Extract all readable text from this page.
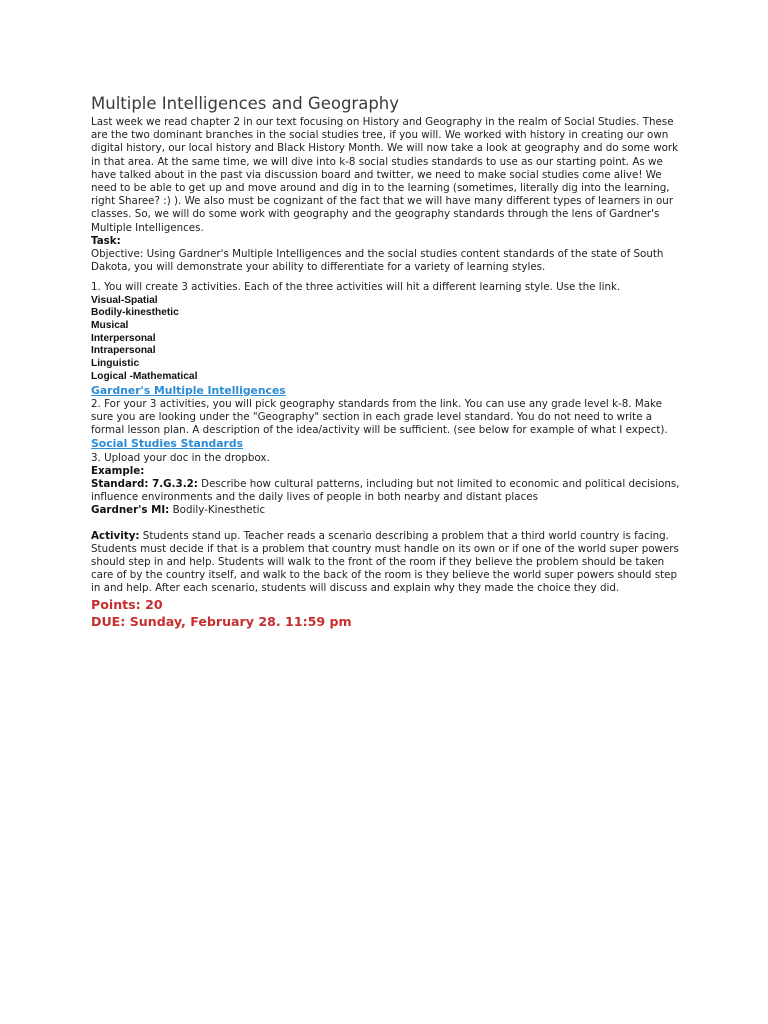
Multiple Intelligences and Geography

Last week we read chapter 2 in our text focusing on History and Geography in the realm of Social Studies. These are the two dominant branches in the social studies tree, if you will. We worked with history in creating our own digital history, our local history and Black History Month. We will now take a look at geography and do some work in that area. At the same time, we will dive into k-8 social studies standards to use as our starting point. As we have talked about in the past via discussion board and twitter, we need to make social studies come alive! We need to be able to get up and move around and dig in to the learning (sometimes, literally dig into the learning, right Sharee? :) ). We also must be cognizant of the fact that we will have many different types of learners in our classes. So, we will do some work with geography and the geography standards through the lens of Gardner's Multiple Intelligences.

Task:

Objective: Using Gardner's Multiple Intelligences and the social studies content standards of the state of South Dakota, you will demonstrate your ability to differentiate for a variety of learning styles.

1. You will create 3 activities. Each of the three activities will hit a different learning style. Use the link.

Visual-Spatial
Bodily-kinesthetic
Musical
Interpersonal
Intrapersonal
Linguistic
Logical -Mathematical
Gardner's Multiple Intelligences

2. For your 3 activities, you will pick geography standards from the link. You can use any grade level k-8. Make sure you are looking under the "Geography" section in each grade level standard. You do not need to write a formal lesson plan. A description of the idea/activity will be sufficient. (see below for example of what I expect).

Social Studies Standards

3. Upload your doc in the dropbox.

Example:

Standard: 7.G.3.2: Describe how cultural patterns, including but not limited to economic and political decisions, influence environments and the daily lives of people in both nearby and distant places

Gardner's MI: Bodily-Kinesthetic

Activity: Students stand up. Teacher reads a scenario describing a problem that a third world country is facing. Students must decide if that is a problem that country must handle on its own or if one of the world super powers should step in and help. Students will walk to the front of the room if they believe the problem should be taken care of by the country itself, and walk to the back of the room is they believe the world super powers should step in and help. After each scenario, students will discuss and explain why they made the choice they did.

Points: 20

DUE: Sunday, February 28. 11:59 pm
